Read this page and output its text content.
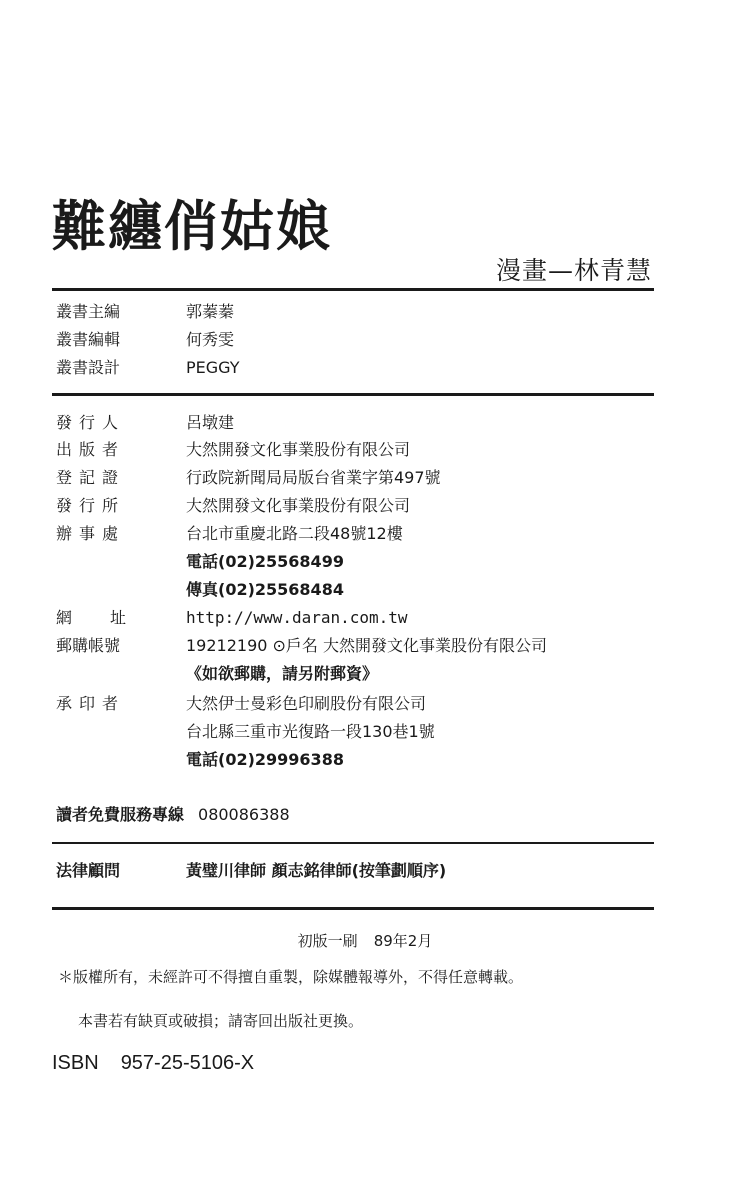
難纏俏姑娘
漫畫—林青慧
叢書主編	郭蓁蓁
叢書編輯	何秀雯
叢書設計	PEGGY
發行人	呂墩建
出版者	大然開發文化事業股份有限公司
登記證	行政院新聞局局版台省業字第497號
發行所	大然開發文化事業股份有限公司
辦事處	台北市重慶北路二段48號12樓
電話(02)25568499
傳真(02)25568484
網址 http://www.daran.com.tw
郵購帳號	19212190 ⊙戶名 大然開發文化事業股份有限公司
《如欲郵購，請另附郵資》
承印者	大然伊士曼彩色印刷股份有限公司
台北縣三重市光復路一段130巷1號
電話(02)29996388
讀者免費服務專線 080086388
法律顧問	黃璧川律師 顏志銘律師(按筆劃順序)
初版一刷 89年2月
＊版權所有，未經許可不得擅自重製，除媒體報導外，不得任意轉載。
本書若有缺頁或破損；請寄回出版社更換。
ISBN 957-25-5106-X
